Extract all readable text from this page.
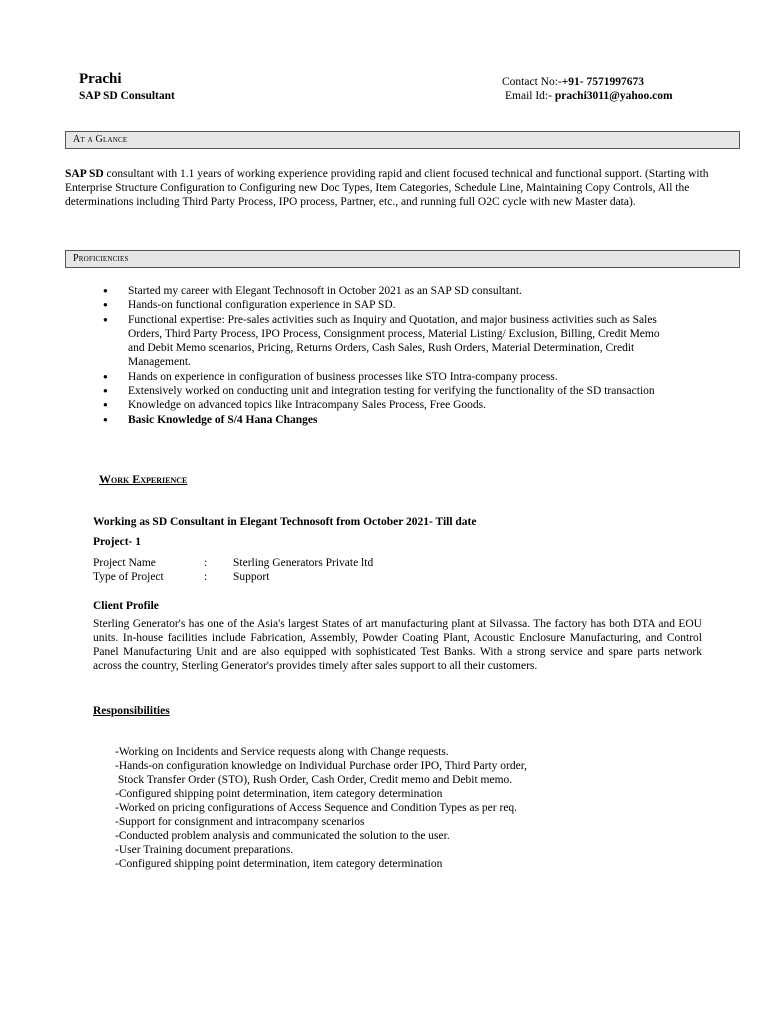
Prachi
SAP SD Consultant
Contact No:-+91- 7571997673
Email Id:- prachi3011@yahoo.com
At a Glance
SAP SD consultant with 1.1 years of working experience providing rapid and client focused technical and functional support. (Starting with Enterprise Structure Configuration to Configuring new Doc Types, Item Categories, Schedule Line, Maintaining Copy Controls, All the determinations including Third Party Process, IPO process, Partner, etc., and running full O2C cycle with new Master data).
Proficiencies
● Started my career with Elegant Technosoft in October 2021 as an SAP SD consultant.
● Hands-on functional configuration experience in SAP SD.
● Functional expertise: Pre-sales activities such as Inquiry and Quotation, and major business activities such as Sales Orders, Third Party Process, IPO Process, Consignment process, Material Listing/ Exclusion, Billing, Credit Memo and Debit Memo scenarios, Pricing, Returns Orders, Cash Sales, Rush Orders, Material Determination, Credit Management.
● Hands on experience in configuration of business processes like STO Intra-company process.
● Extensively worked on conducting unit and integration testing for verifying the functionality of the SD transaction
● Knowledge on advanced topics like Intracompany Sales Process, Free Goods.
● Basic Knowledge of S/4 Hana Changes
Work Experience
Working as SD Consultant in Elegant Technosoft from October 2021- Till date
Project- 1
Project Name	: Sterling Generators Private ltd
Type of Project	: Support
Client Profile
Sterling Generator's has one of the Asia's largest States of art manufacturing plant at Silvassa. The factory has both DTA and EOU units. In-house facilities include Fabrication, Assembly, Powder Coating Plant, Acoustic Enclosure Manufacturing, and Control Panel Manufacturing Unit and are also equipped with sophisticated Test Banks. With a strong service and spare parts network across the country, Sterling Generator's provides timely after sales support to all their customers.
Responsibilities
-Working on Incidents and Service requests along with Change requests.
-Hands-on configuration knowledge on Individual Purchase order IPO, Third Party order,
Stock Transfer Order (STO), Rush Order, Cash Order, Credit memo and Debit memo.
-Configured shipping point determination, item category determination
-Worked on pricing configurations of Access Sequence and Condition Types as per req.
-Support for consignment and intracompany scenarios
-Conducted problem analysis and communicated the solution to the user.
-User Training document preparations.
-Configured shipping point determination, item category determination
